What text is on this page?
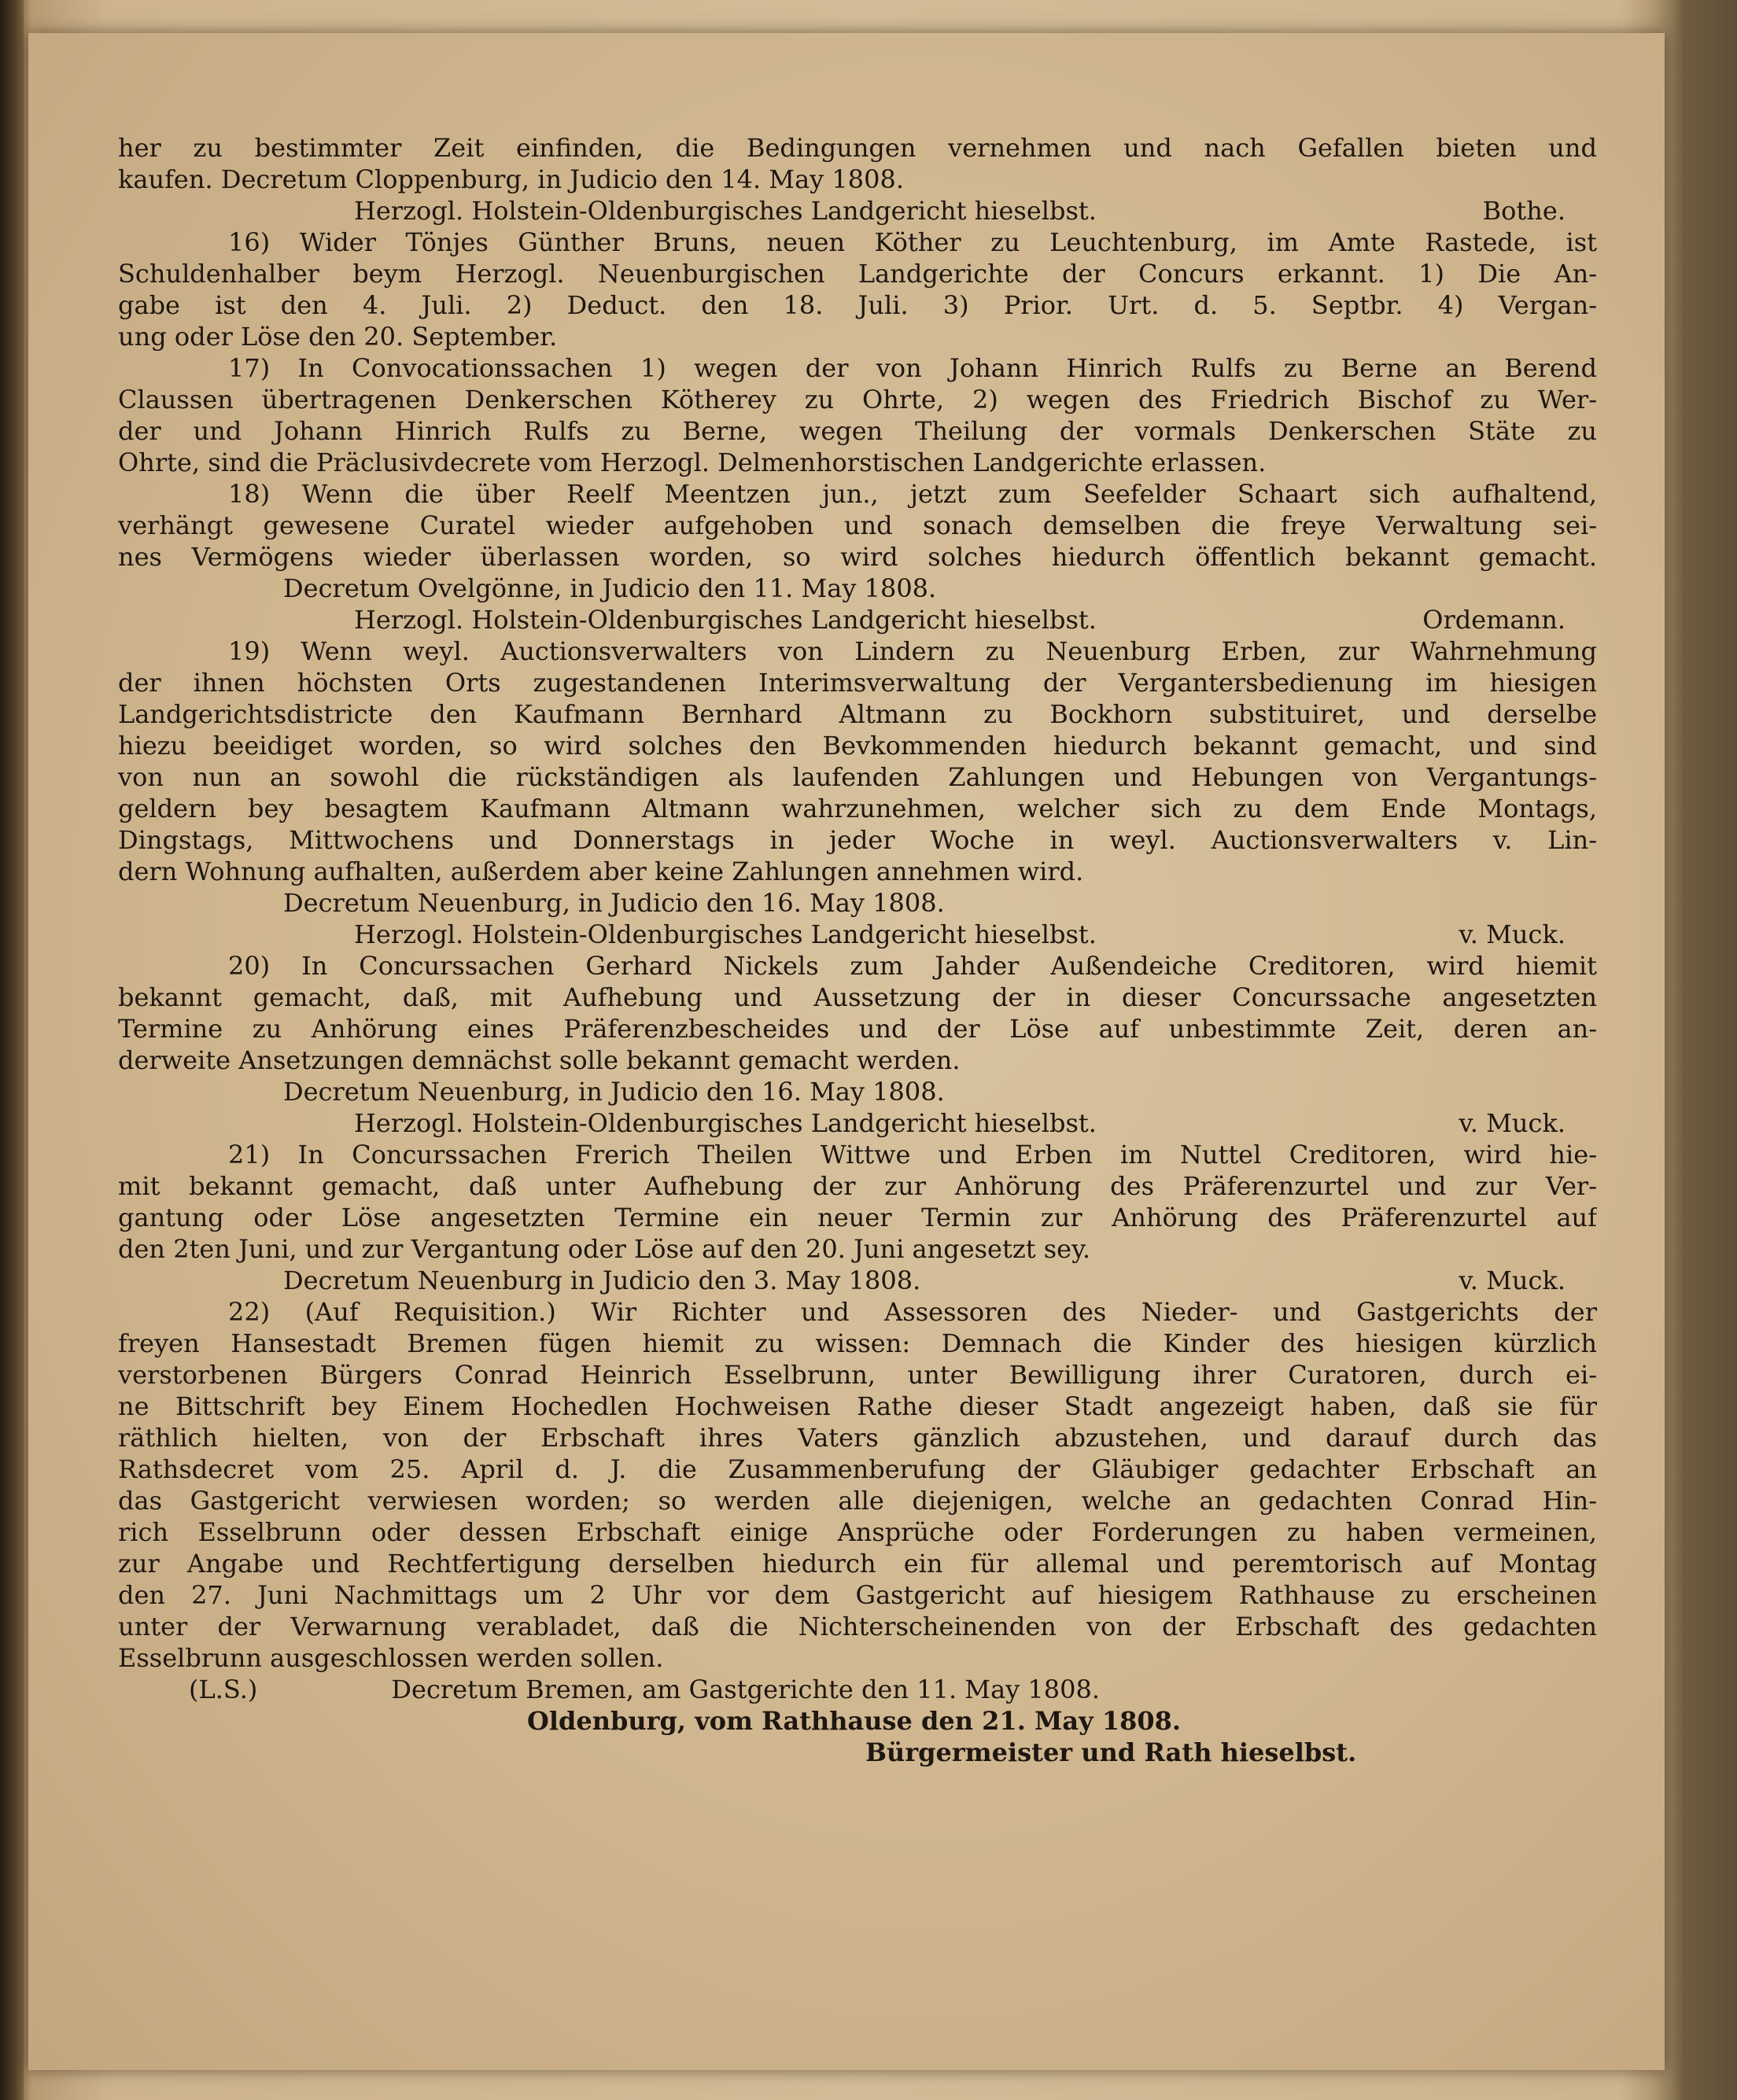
her zu bestimmter Zeit einfinden, die Bedingungen vernehmen und nach Gefallen bieten und
kaufen. Decretum Cloppenburg, in Judicio den 14. May 1808.
Herzogl. Holstein-Oldenburgisches Landgericht hieselbst.	Bothe.
16) Wider Tönjes Günther Bruns, neuen Köther zu Leuchtenburg, im Amte Rastede, ist
Schuldenhalber beym Herzogl. Neuenburgischen Landgerichte der Concurs erkannt. 1) Die An-
gabe ist den 4. Juli. 2) Deduct. den 18. Juli. 3) Prior. Urt. d. 5. Septbr. 4) Vergan-
ung oder Löse den 20. September.
17) In Convocationssachen 1) wegen der von Johann Hinrich Rulfs zu Berne an Berend
Claussen übertragenen Denkerschen Kötherey zu Ohrte, 2) wegen des Friedrich Bischof zu Wer-
der und Johann Hinrich Rulfs zu Berne, wegen Theilung der vormals Denkerschen Stäte zu
Ohrte, sind die Präclusivdecrete vom Herzogl. Delmenhorstischen Landgerichte erlassen.
18) Wenn die über Reelf Meentzen jun., jetzt zum Seefelder Schaart sich aufhaltend,
verhängt gewesene Curatel wieder aufgehoben und sonach demselben die freye Verwaltung sei-
nes Vermögens wieder überlassen worden, so wird solches hiedurch öffentlich bekannt gemacht.
Decretum Ovelgönne, in Judicio den 11. May 1808.
Herzogl. Holstein-Oldenburgisches Landgericht hieselbst.	Ordemann.
19) Wenn weyl. Auctionsverwalters von Lindern zu Neuenburg Erben, zur Wahrnehmung
der ihnen höchsten Orts zugestandenen Interimsverwaltung der Vergantersbedienung im hiesigen
Landgerichtsdistricte den Kaufmann Bernhard Altmann zu Bockhorn substituiret, und derselbe
hiezu beeidiget worden, so wird solches den Bevkommenden hiedurch bekannt gemacht, und sind
von nun an sowohl die rückständigen als laufenden Zahlungen und Hebungen von Vergantungs-
geldern bey besagtem Kaufmann Altmann wahrzunehmen, welcher sich zu dem Ende Montags,
Dingstags, Mittwochens und Donnerstags in jeder Woche in weyl. Auctionsverwalters v. Lin-
dern Wohnung aufhalten, außerdem aber keine Zahlungen annehmen wird.
Decretum Neuenburg, in Judicio den 16. May 1808.
Herzogl. Holstein-Oldenburgisches Landgericht hieselbst.	v. Muck.
20) In Concurssachen Gerhard Nickels zum Jahder Außendeiche Creditoren, wird hiemit
bekannt gemacht, daß, mit Aufhebung und Aussetzung der in dieser Concurssache angesetzten
Termine zu Anhörung eines Präferenzbescheides und der Löse auf unbestimmte Zeit, deren an-
derweite Ansetzungen demnächst solle bekannt gemacht werden.
Decretum Neuenburg, in Judicio den 16. May 1808.
Herzogl. Holstein-Oldenburgisches Landgericht hieselbst.	v. Muck.
21) In Concurssachen Frerich Theilen Wittwe und Erben im Nuttel Creditoren, wird hie-
mit bekannt gemacht, daß unter Aufhebung der zur Anhörung des Präferenzurtel und zur Ver-
gantung oder Löse angesetzten Termine ein neuer Termin zur Anhörung des Präferenzurtel auf
den 2ten Juni, und zur Vergantung oder Löse auf den 20. Juni angesetzt sey.
Decretum Neuenburg in Judicio den 3. May 1808.	v. Muck.
22) (Auf Requisition.) Wir Richter und Assessoren des Nieder- und Gastgerichts der
freyen Hansestadt Bremen fügen hiemit zu wissen: Demnach die Kinder des hiesigen kürzlich
verstorbenen Bürgers Conrad Heinrich Esselbrunn, unter Bewilligung ihrer Curatoren, durch ei-
ne Bittschrift bey Einem Hochedlen Hochweisen Rathe dieser Stadt angezeigt haben, daß sie für
räthlich hielten, von der Erbschaft ihres Vaters gänzlich abzustehen, und darauf durch das
Rathsdecret vom 25. April d. J. die Zusammenberufung der Gläubiger gedachter Erbschaft an
das Gastgericht verwiesen worden; so werden alle diejenigen, welche an gedachten Conrad Hin-
rich Esselbrunn oder dessen Erbschaft einige Ansprüche oder Forderungen zu haben vermeinen,
zur Angabe und Rechtfertigung derselben hiedurch ein für allemal und peremtorisch auf Montag
den 27. Juni Nachmittags um 2 Uhr vor dem Gastgericht auf hiesigem Rathhause zu erscheinen
unter der Verwarnung verabladet, daß die Nichterscheinenden von der Erbschaft des gedachten
Esselbrunn ausgeschlossen werden sollen.
(L.S.)	Decretum Bremen, am Gastgerichte den 11. May 1808.
Oldenburg, vom Rathhause den 21. May 1808.
Bürgermeister und Rath hieselbst.
